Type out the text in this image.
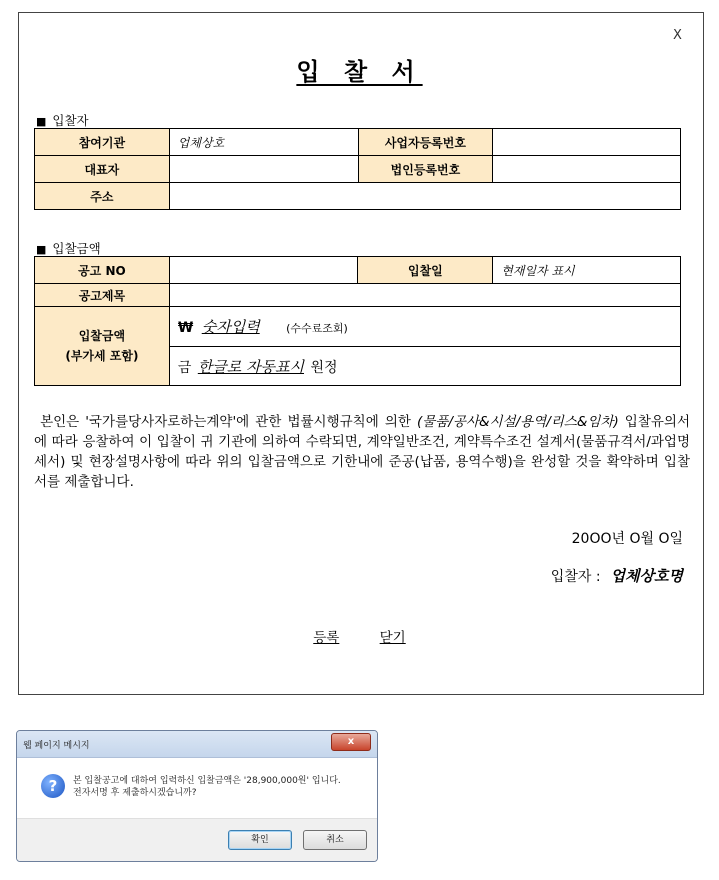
X
입 찰 서
■ 입찰자
참여기관	업체상호	사업자등록번호	
대표자		법인등록번호	
주소			
■ 입찰금액
공고 NO		입찰일	현재일자 표시
공고제목			

입찰금액
(부가세 포함)	₩ 숫자입력 (수수료조회)		
	금 한글로 자동표시 원정		
본인은 '국가를당사자로하는계약'에 관한 법률시행규칙에 의한 (물품/공사&시설/용역/리스&임차) 입찰유의서에 따라 응찰하여 이 입찰이 귀 기관에 의하여 수락되면, 계약일반조건, 계약특수조건 설계서(물품규격서/과업명세서) 및 현장설명사항에 따라 위의 입찰금액으로 기한내에 준공(납품, 용역수행)을 완성할 것을 확약하며 입찰서를 제출합니다.
20OO년 O월 O일
입찰자 : 업체상호명
등록	닫기
웹 페이지 메시지	x
?	본 입찰공고에 대하여 입력하신 입찰금액은 '28,900,000원' 입니다.
전자서명 후 제출하시겠습니까?
확인	취소
